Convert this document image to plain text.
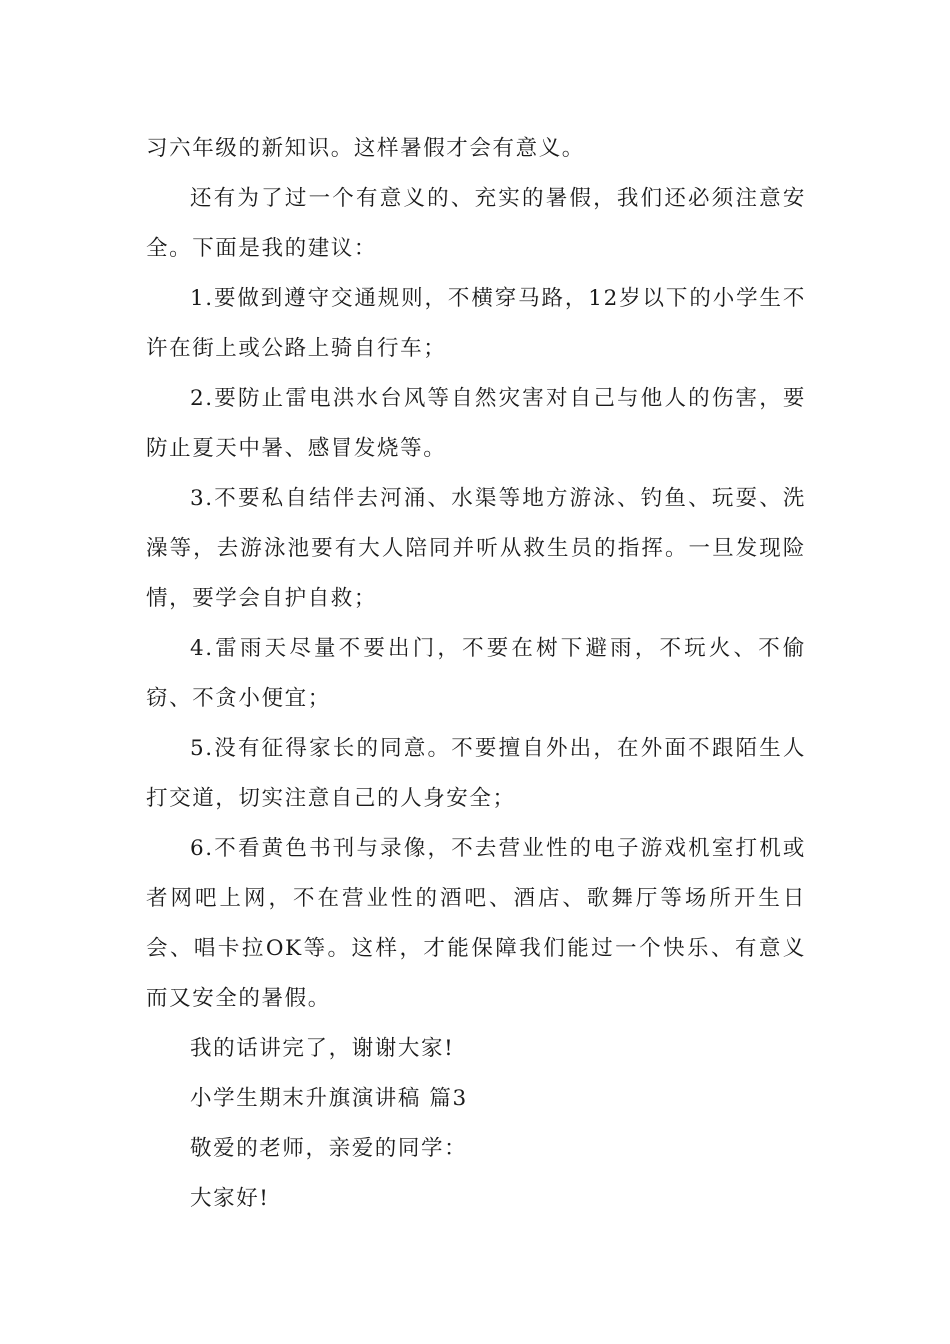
习六年级的新知识。这样暑假才会有意义。

还有为了过一个有意义的、充实的暑假，我们还必须注意安全。下面是我的建议：

1.要做到遵守交通规则，不横穿马路，12岁以下的小学生不许在街上或公路上骑自行车；

2.要防止雷电洪水台风等自然灾害对自己与他人的伤害，要防止夏天中暑、感冒发烧等。

3.不要私自结伴去河涌、水渠等地方游泳、钓鱼、玩耍、洗澡等，去游泳池要有大人陪同并听从救生员的指挥。一旦发现险情，要学会自护自救；

4.雷雨天尽量不要出门，不要在树下避雨，不玩火、不偷窃、不贪小便宜；

5.没有征得家长的同意。不要擅自外出，在外面不跟陌生人打交道，切实注意自己的人身安全；

6.不看黄色书刊与录像，不去营业性的电子游戏机室打机或者网吧上网，不在营业性的酒吧、酒店、歌舞厅等场所开生日会、唱卡拉OK等。这样，才能保障我们能过一个快乐、有意义而又安全的暑假。

我的话讲完了，谢谢大家!

小学生期末升旗演讲稿 篇3

敬爱的老师，亲爱的同学：

大家好!
